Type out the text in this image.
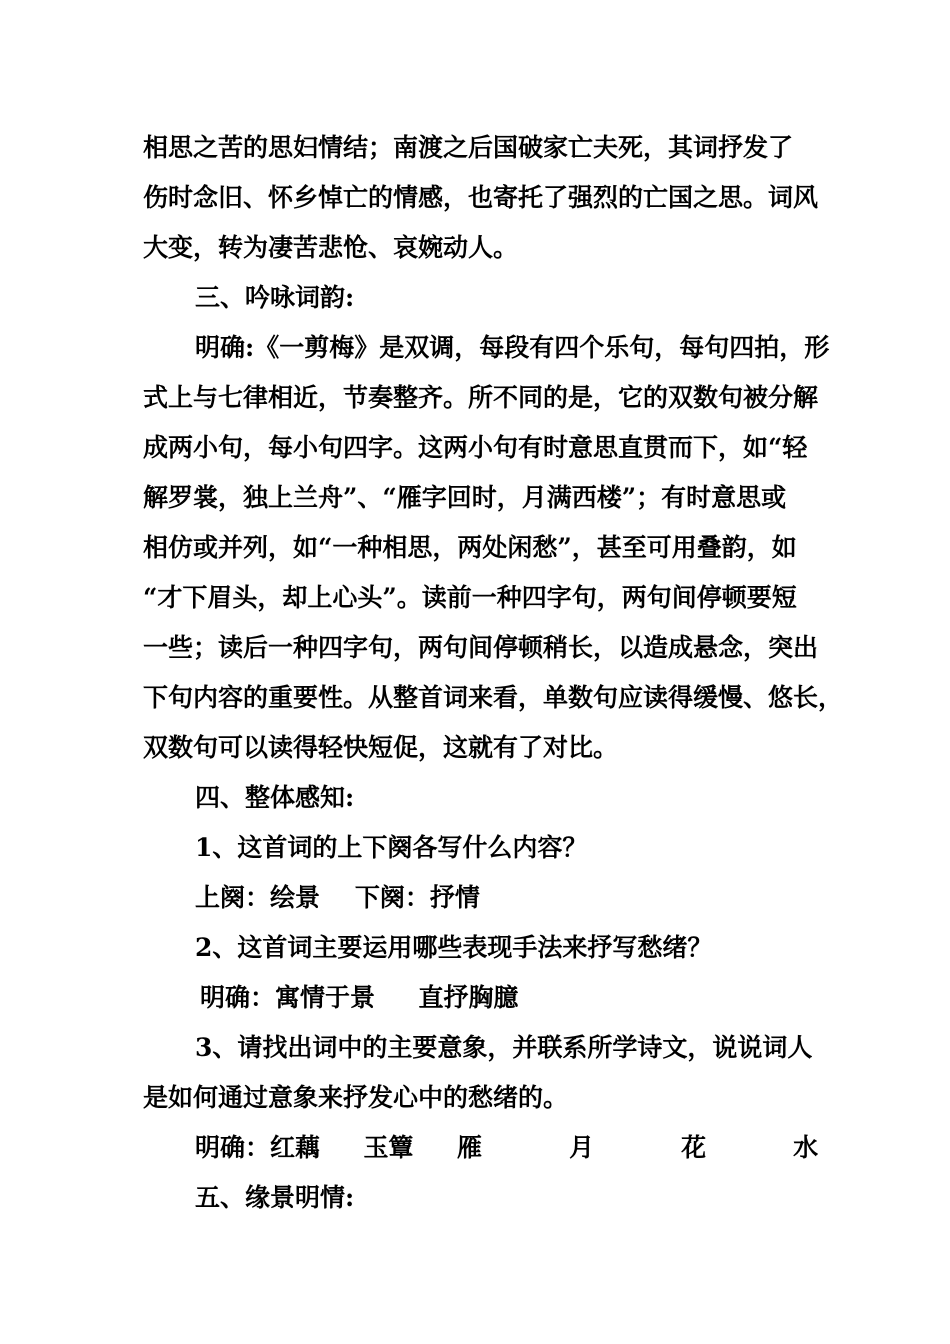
相思之苦的思妇情结；南渡之后国破家亡夫死，其词抒发了
伤时念旧、怀乡悼亡的情感，也寄托了强烈的亡国之思。词风
大变，转为凄苦悲怆、哀婉动人。
三、吟咏词韵:
明确:《一剪梅》是双调，每段有四个乐句，每句四拍，形
式上与七律相近，节奏整齐。所不同的是，它的双数句被分解
成两小句，每小句四字。这两小句有时意思直贯而下，如“轻
解罗裳，独上兰舟”、“雁字回时，月满西楼”；有时意思或
相仿或并列，如“一种相思，两处闲愁”，甚至可用叠韵，如
“才下眉头，却上心头”。读前一种四字句，两句间停顿要短
一些；读后一种四字句，两句间停顿稍长，以造成悬念，突出
下句内容的重要性。从整首词来看，单数句应读得缓慢、悠长，
双数句可以读得轻快短促，这就有了对比。
四、整体感知:
1、这首词的上下阕各写什么内容？
上阕：绘景    下阕：抒情
2、这首词主要运用哪些表现手法来抒写愁绪？
明确：寓情于景     直抒胸臆
3、请找出词中的主要意象，并联系所学诗文，说说词人
是如何通过意象来抒发心中的愁绪的。
明确：红藕     玉簟     雁          月          花          水
五、缘景明情:
